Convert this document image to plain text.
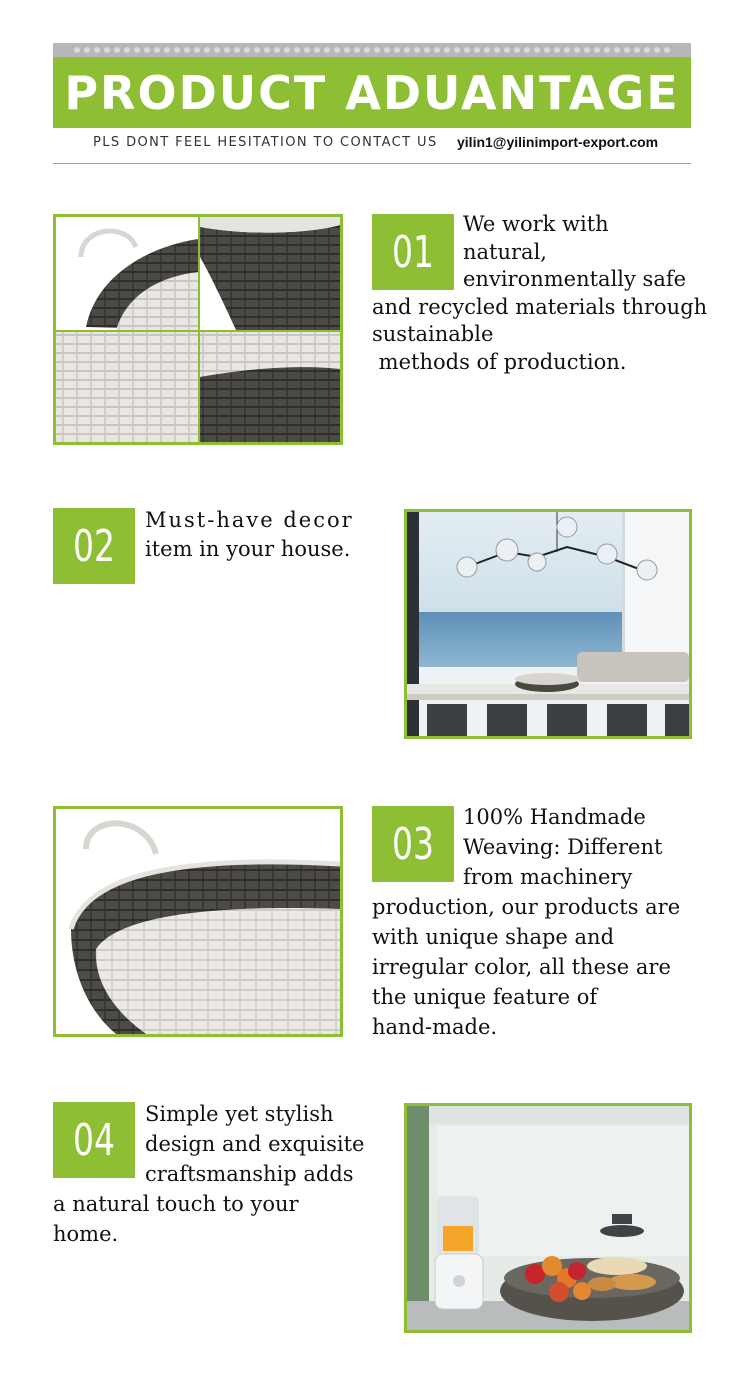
PRODUCT ADUANTAGE
PLS DONT FEEL HESITATION TO CONTACT US yilin1@yilinimport-export.com
01
We work with
natural,
environmentally safe
and recycled materials through
sustainable
methods of production.
02
Must-have decor
item in your house.
03
100% Handmade
Weaving: Different
from machinery
production, our products are
with unique shape and
irregular color, all these are
the unique feature of
hand-made.
04
Simple yet stylish
design and exquisite
craftsmanship adds
a natural touch to your
home.
